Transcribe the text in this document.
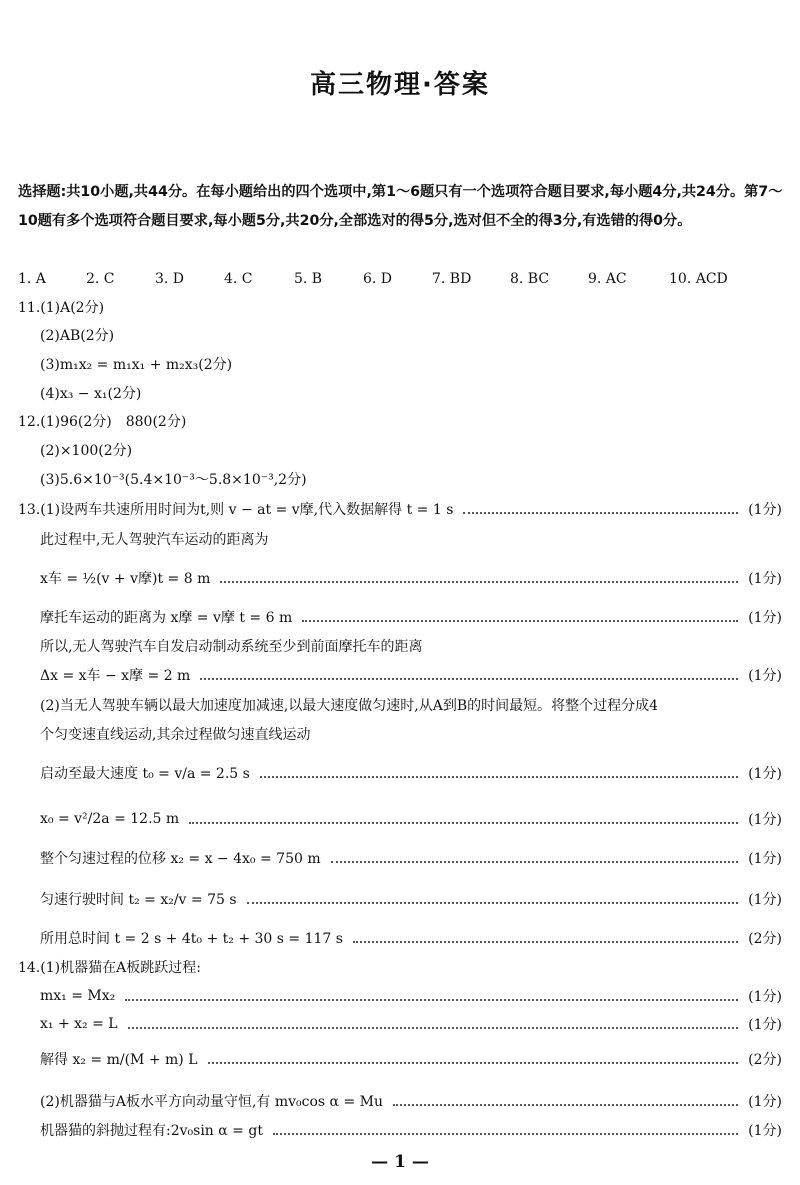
高三物理·答案
选择题:共10小题,共44分。在每小题给出的四个选项中,第1～6题只有一个选项符合题目要求,每小题4分,共24分。第7～10题有多个选项符合题目要求,每小题5分,共20分,全部选对的得5分,选对但不全的得3分,有选错的得0分。
1. A	2. C	3. D	4. C	5. B	6. D	7. BD	8. BC	9. AC	10. ACD
11.(1)A(2分)
(2)AB(2分)
(3)m₁x₂ = m₁x₁ + m₂x₃(2分)
(4)x₃ − x₁(2分)
12.(1)96(2分)　880(2分)
(2)×100(2分)
(3)5.6×10⁻³(5.4×10⁻³～5.8×10⁻³,2分)
13.(1)设两车共速所用时间为t,则 v − at = v摩,代入数据解得 t = 1 s	(1分)
此过程中,无人驾驶汽车运动的距离为
x车 = ½(v + v摩)t = 8 m	(1分)
摩托车运动的距离为 x摩 = v摩 t = 6 m	(1分)
所以,无人驾驶汽车自发启动制动系统至少到前面摩托车的距离
Δx = x车 − x摩 = 2 m	(1分)
(2)当无人驾驶车辆以最大加速度加减速,以最大速度做匀速时,从A到B的时间最短。将整个过程分成4
个匀变速直线运动,其余过程做匀速直线运动
启动至最大速度 t₀ = v/a = 2.5 s	(1分)
x₀ = v²/2a = 12.5 m	(1分)
整个匀速过程的位移 x₂ = x − 4x₀ = 750 m	(1分)
匀速行驶时间 t₂ = x₂/v = 75 s	(1分)
所用总时间 t = 2 s + 4t₀ + t₂ + 30 s = 117 s	(2分)
14.(1)机器猫在A板跳跃过程:
mx₁ = Mx₂	(1分)
x₁ + x₂ = L	(1分)
解得 x₂ = m/(M + m) L	(2分)
(2)机器猫与A板水平方向动量守恒,有 mv₀cos α = Mu	(1分)
机器猫的斜抛过程有:2v₀sin α = gt	(1分)
— 1 —
